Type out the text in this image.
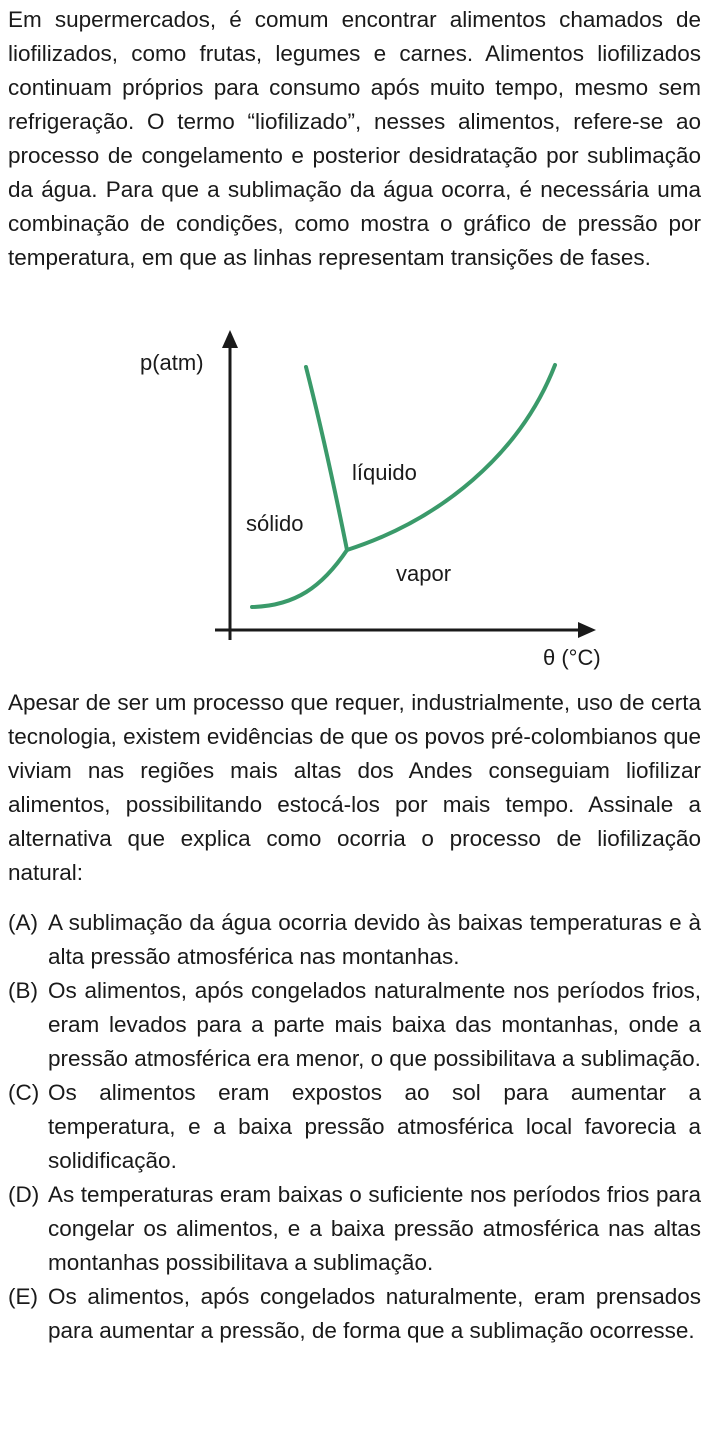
Em supermercados, é comum encontrar alimentos chamados de liofilizados, como frutas, legumes e carnes. Alimentos liofilizados continuam próprios para consumo após muito tempo, mesmo sem refrigeração. O termo “liofilizado”, nesses alimentos, refere-se ao processo de congelamento e posterior desidratação por sublimação da água. Para que a sublimação da água ocorra, é necessária uma combinação de condições, como mostra o gráfico de pressão por temperatura, em que as linhas representam transições de fases.

p(atm)
θ (°C)
sólido
líquido
vapor

Apesar de ser um processo que requer, industrialmente, uso de certa tecnologia, existem evidências de que os povos pré-colombianos que viviam nas regiões mais altas dos Andes conseguiam liofilizar alimentos, possibilitando estocá-los por mais tempo. Assinale a alternativa que explica como ocorria o processo de liofilização natural:

(A) A sublimação da água ocorria devido às baixas temperaturas e à alta pressão atmosférica nas montanhas.
(B) Os alimentos, após congelados naturalmente nos períodos frios, eram levados para a parte mais baixa das montanhas, onde a pressão atmosférica era menor, o que possibilitava a sublimação.
(C) Os alimentos eram expostos ao sol para aumentar a temperatura, e a baixa pressão atmosférica local favorecia a solidificação.
(D) As temperaturas eram baixas o suficiente nos períodos frios para congelar os alimentos, e a baixa pressão atmosférica nas altas montanhas possibilitava a sublimação.
(E) Os alimentos, após congelados naturalmente, eram prensados para aumentar a pressão, de forma que a sublimação ocorresse.
